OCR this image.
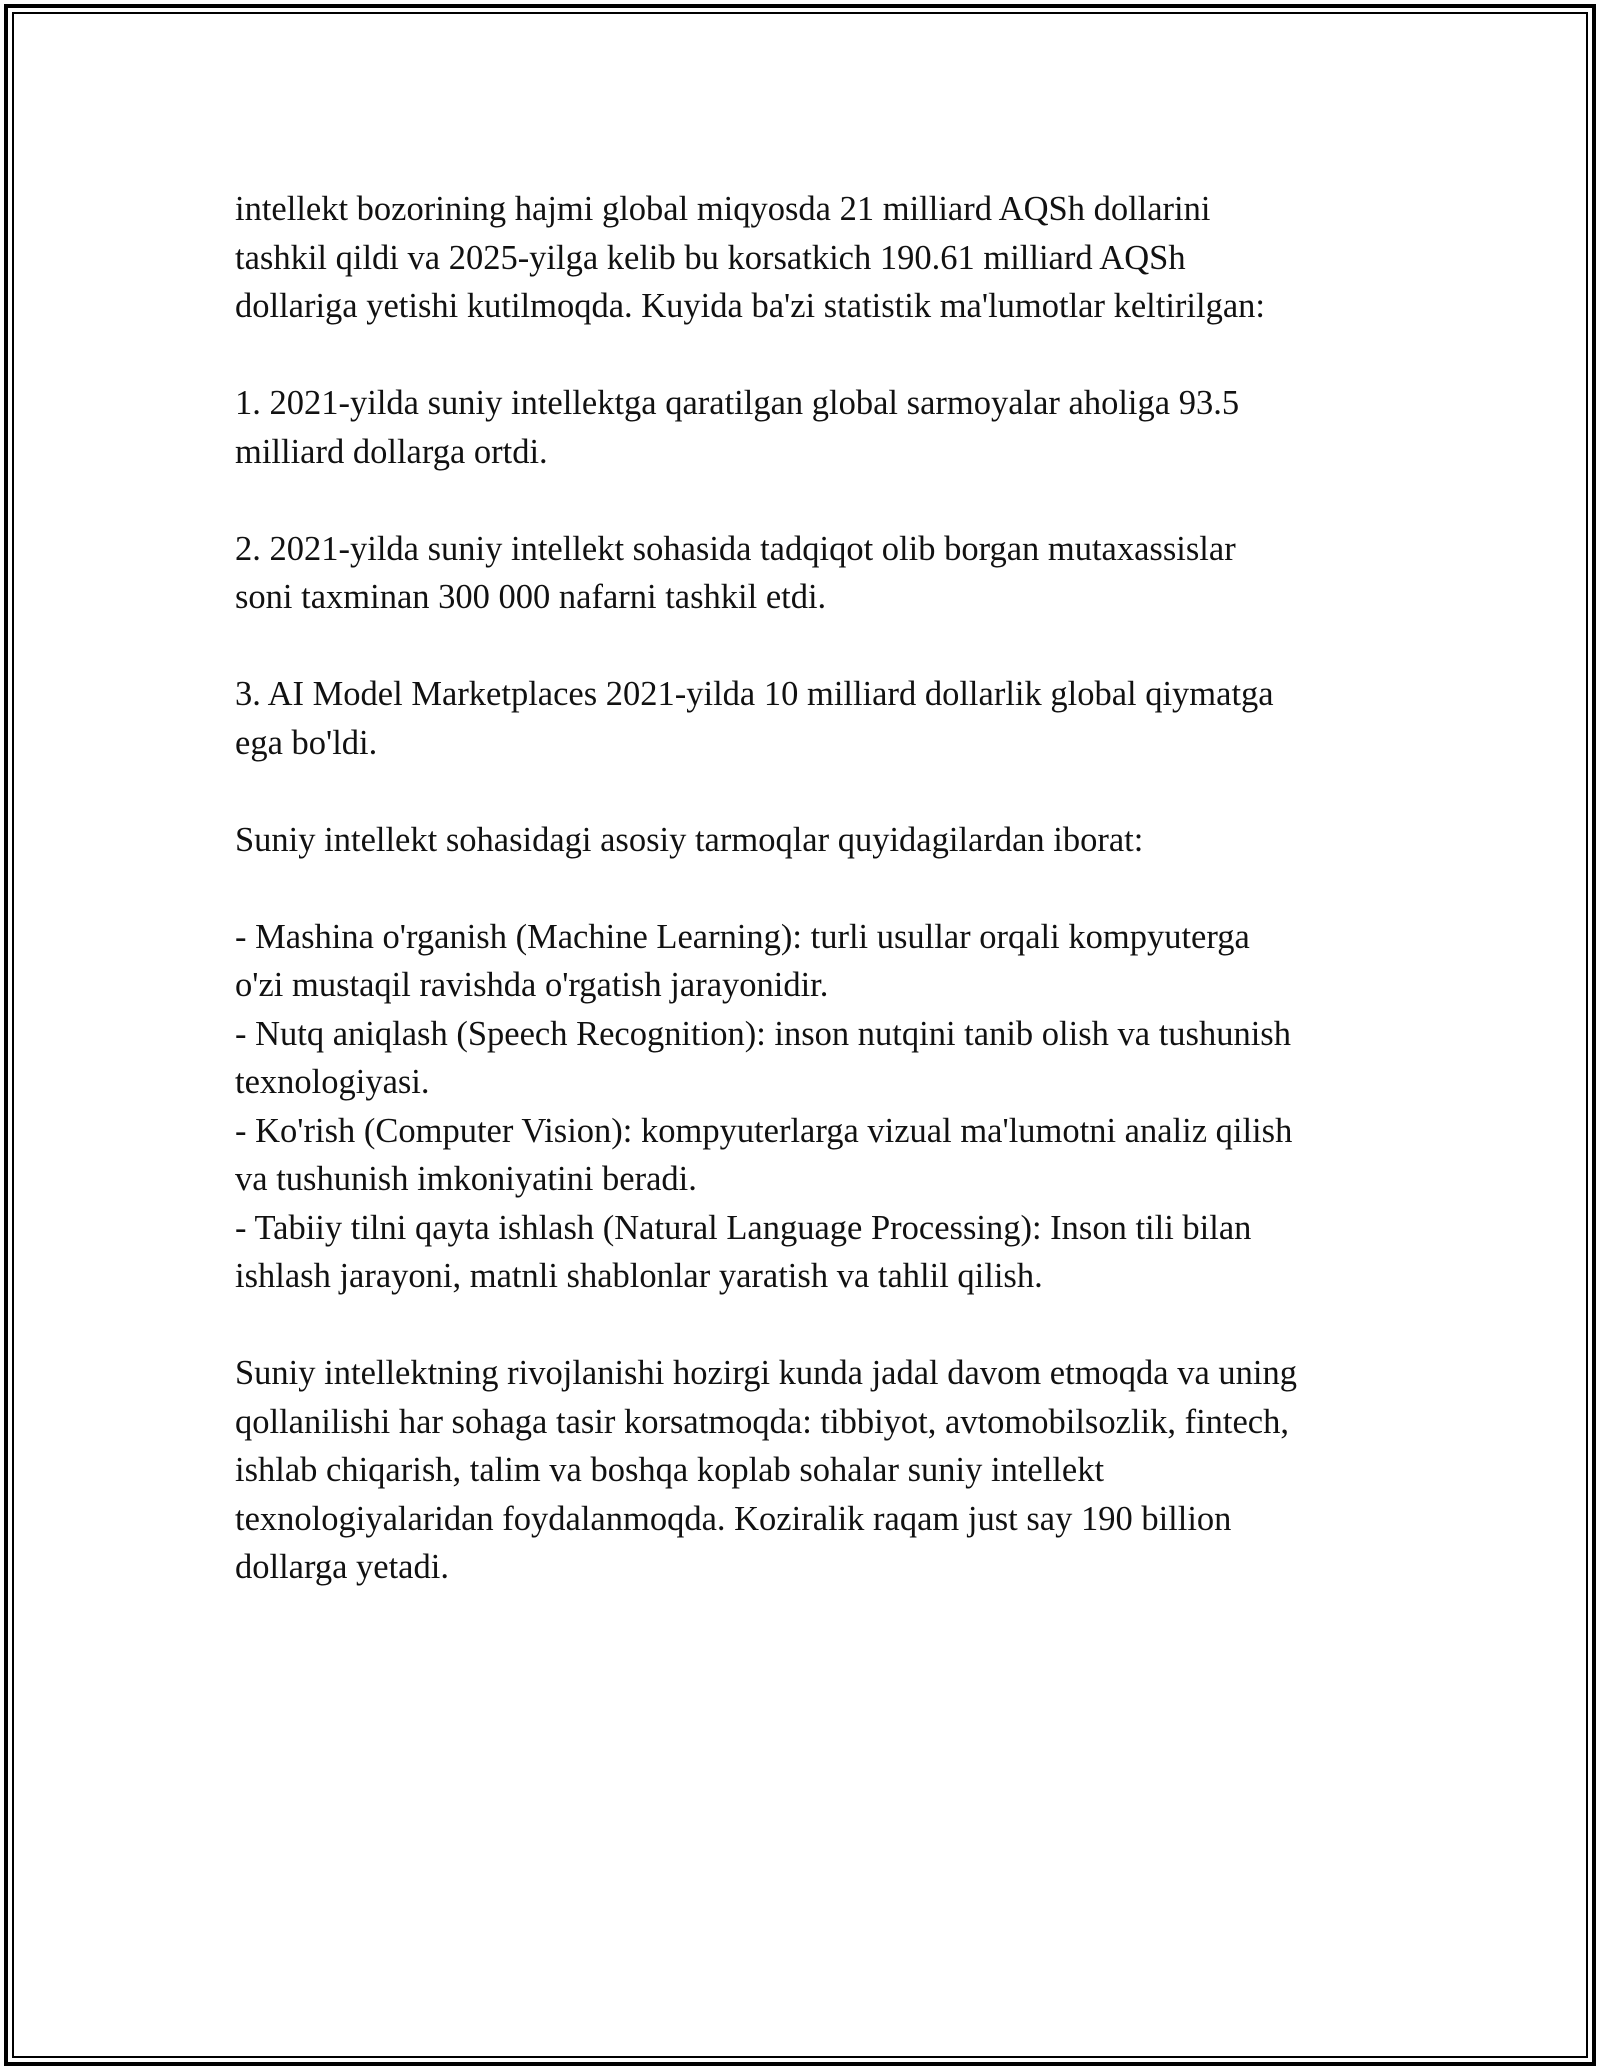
intellekt bozorining hajmi global miqyosda 21 milliard AQSh dollarini
tashkil qildi va 2025-yilga kelib bu korsatkich 190.61 milliard AQSh
dollariga yetishi kutilmoqda. Kuyida ba'zi statistik ma'lumotlar keltirilgan:

1. 2021-yilda suniy intellektga qaratilgan global sarmoyalar aholiga 93.5
milliard dollarga ortdi.

2. 2021-yilda suniy intellekt sohasida tadqiqot olib borgan mutaxassislar
soni taxminan 300 000 nafarni tashkil etdi.

3. AI Model Marketplaces 2021-yilda 10 milliard dollarlik global qiymatga
ega bo'ldi.

Suniy intellekt sohasidagi asosiy tarmoqlar quyidagilardan iborat:

- Mashina o'rganish (Machine Learning): turli usullar orqali kompyuterga
o'zi mustaqil ravishda o'rgatish jarayonidir.

- Nutq aniqlash (Speech Recognition): inson nutqini tanib olish va tushunish
texnologiyasi.

- Ko'rish (Computer Vision): kompyuterlarga vizual ma'lumotni analiz qilish
va tushunish imkoniyatini beradi.

- Tabiiy tilni qayta ishlash (Natural Language Processing): Inson tili bilan
ishlash jarayoni, matnli shablonlar yaratish va tahlil qilish.

Suniy intellektning rivojlanishi hozirgi kunda jadal davom etmoqda va uning
qollanilishi har sohaga tasir korsatmoqda: tibbiyot, avtomobilsozlik, fintech,
ishlab chiqarish, talim va boshqa koplab sohalar suniy intellekt
texnologiyalaridan foydalanmoqda. Koziralik raqam just say 190 billion
dollarga yetadi.
